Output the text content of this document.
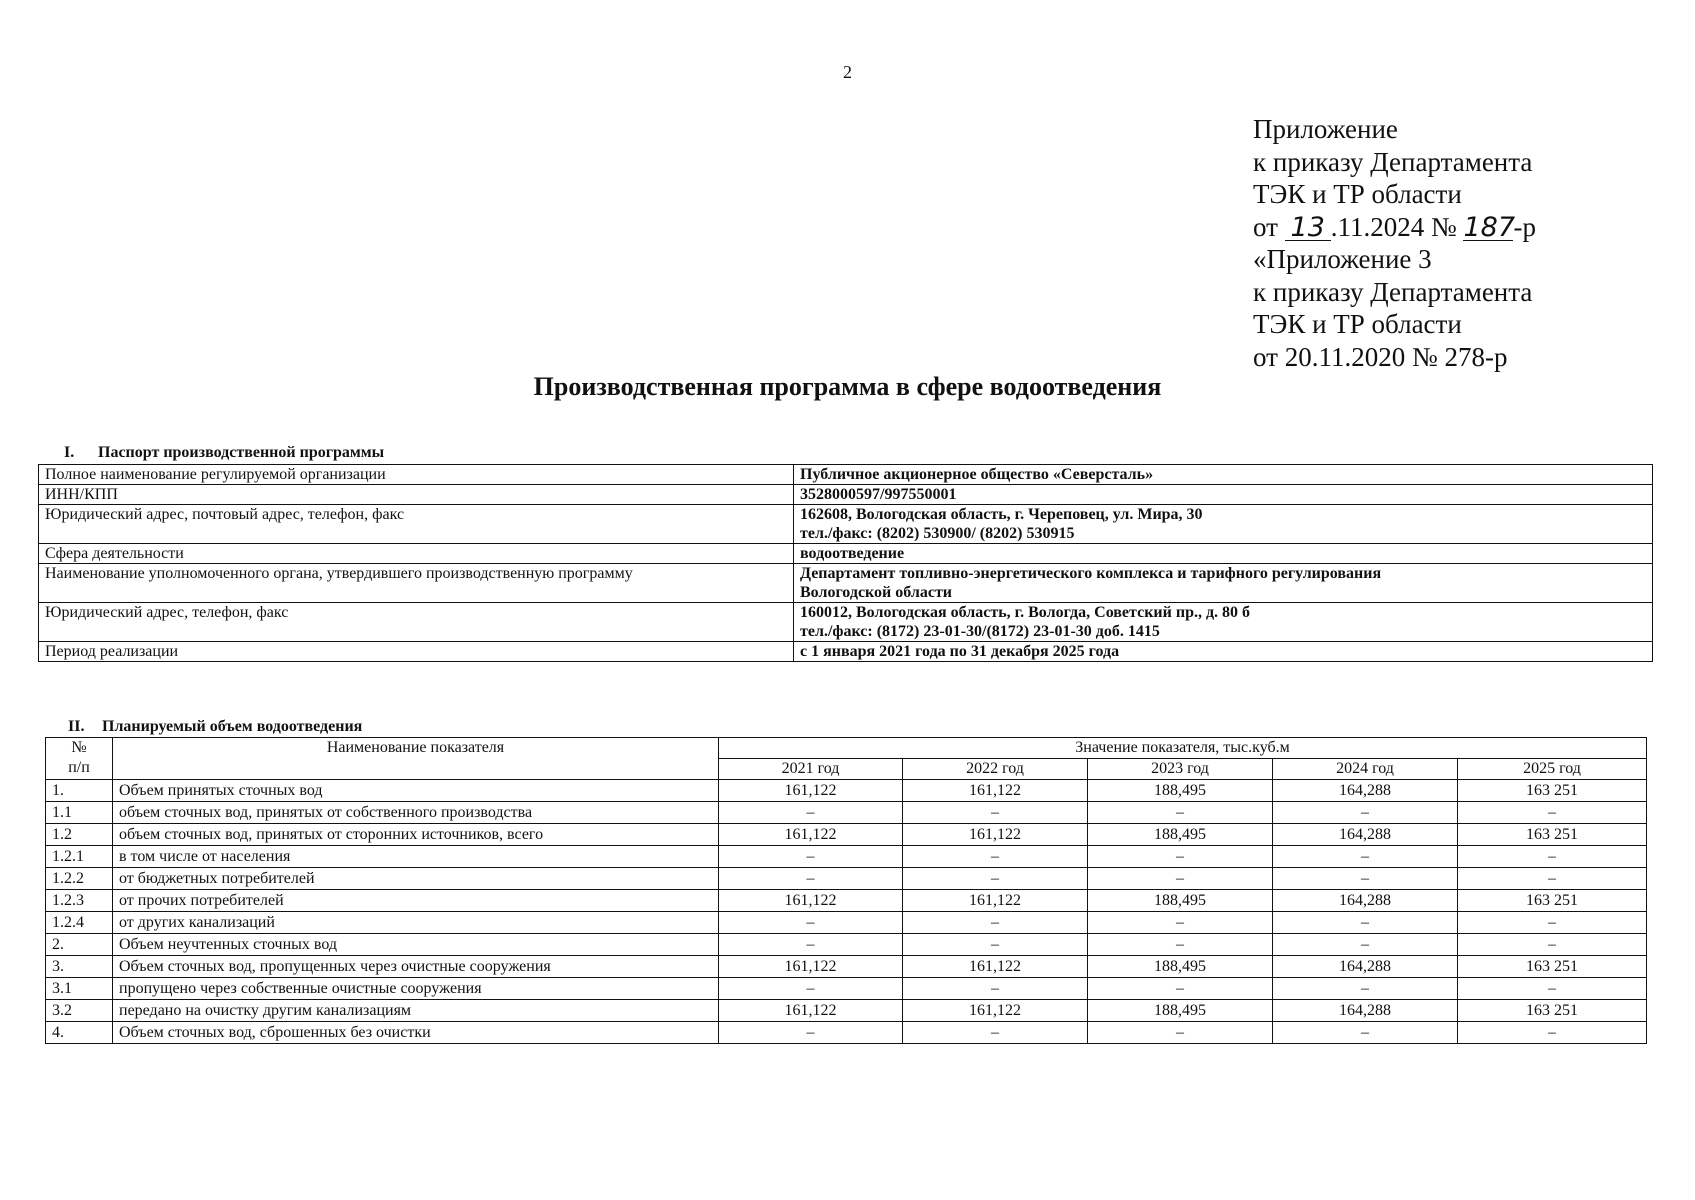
2
Приложение
к приказу Департамента
ТЭК и ТР области
от 13 .11.2024 № 187-р
«Приложение 3
к приказу Департамента
ТЭК и ТР области
от 20.11.2020 № 278-р
Производственная программа в сфере водоотведения
I. Паспорт производственной программы
Полное наименование регулируемой организации	Публичное акционерное общество «Северсталь»

ИНН/КПП	3528000597/997550001

Юридический адрес, почтовый адрес, телефон, факс	162608, Вологодская область, г. Череповец, ул. Мира, 30
тел./факс: (8202) 530900/ (8202) 530915

Сфера деятельности	водоотведение

Наименование уполномоченного органа, утвердившего производственную программу	Департамент топливно-энергетического комплекса и тарифного регулирования
Вологодской области

Юридический адрес, телефон, факс	160012, Вологодская область, г. Вологда, Советский пр., д. 80 б
тел./факс: (8172) 23-01-30/(8172) 23-01-30 доб. 1415

Период реализации	с 1 января 2021 года по 31 декабря 2025 года
II. Планируемый объем водоотведения
№
п/п	Наименование показателя	Значение показателя, тыс.куб.м				
		2021 год	2022 год	2023 год	2024 год	2025 год
1.	Объем принятых сточных вод	161,122	161,122	188,495	164,288	163 251
1.1	объем сточных вод, принятых от собственного производства	–	–	–	–	–
1.2	объем сточных вод, принятых от сторонних источников, всего	161,122	161,122	188,495	164,288	163 251
1.2.1	в том числе от населения	–	–	–	–	–
1.2.2	от бюджетных потребителей	–	–	–	–	–
1.2.3	от прочих потребителей	161,122	161,122	188,495	164,288	163 251
1.2.4	от других канализаций	–	–	–	–	–
2.	Объем неучтенных сточных вод	–	–	–	–	–
3.	Объем сточных вод, пропущенных через очистные сооружения	161,122	161,122	188,495	164,288	163 251
3.1	пропущено через собственные очистные сооружения	–	–	–	–	–
3.2	передано на очистку другим канализациям	161,122	161,122	188,495	164,288	163 251
4.	Объем сточных вод, сброшенных без очистки	–	–	–	–	–
